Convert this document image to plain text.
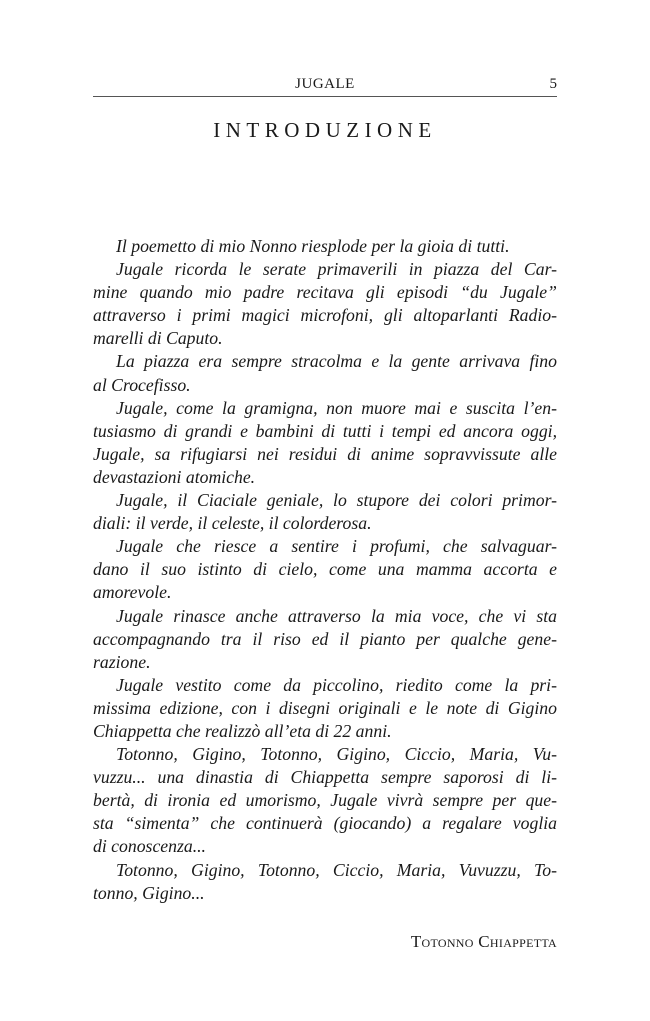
JUGALE	5
INTRODUZIONE
Il poemetto di mio Nonno riesplode per la gioia di tutti.
Jugale ricorda le serate primaverili in piazza del Car-
mine quando mio padre recitava gli episodi “du Jugale”
attraverso i primi magici microfoni, gli altoparlanti Radio-
marelli di Caputo.
La piazza era sempre stracolma e la gente arrivava fino
al Crocefisso.
Jugale, come la gramigna, non muore mai e suscita l’en-
tusiasmo di grandi e bambini di tutti i tempi ed ancora oggi,
Jugale, sa rifugiarsi nei residui di anime sopravvissute alle
devastazioni atomiche.
Jugale, il Ciaciale geniale, lo stupore dei colori primor-
diali: il verde, il celeste, il colorderosa.
Jugale che riesce a sentire i profumi, che salvaguar-
dano il suo istinto di cielo, come una mamma accorta e
amorevole.
Jugale rinasce anche attraverso la mia voce, che vi sta
accompagnando tra il riso ed il pianto per qualche gene-
razione.
Jugale vestito come da piccolino, riedito come la pri-
missima edizione, con i disegni originali e le note di Gigino
Chiappetta che realizzò all’eta di 22 anni.
Totonno, Gigino, Totonno, Gigino, Ciccio, Maria, Vu-
vuzzu... una dinastia di Chiappetta sempre saporosi di li-
bertà, di ironia ed umorismo, Jugale vivrà sempre per que-
sta “simenta” che continuerà (giocando) a regalare voglia
di conoscenza...
Totonno, Gigino, Totonno, Ciccio, Maria, Vuvuzzu, To-
tonno, Gigino...
Totonno Chiappetta
